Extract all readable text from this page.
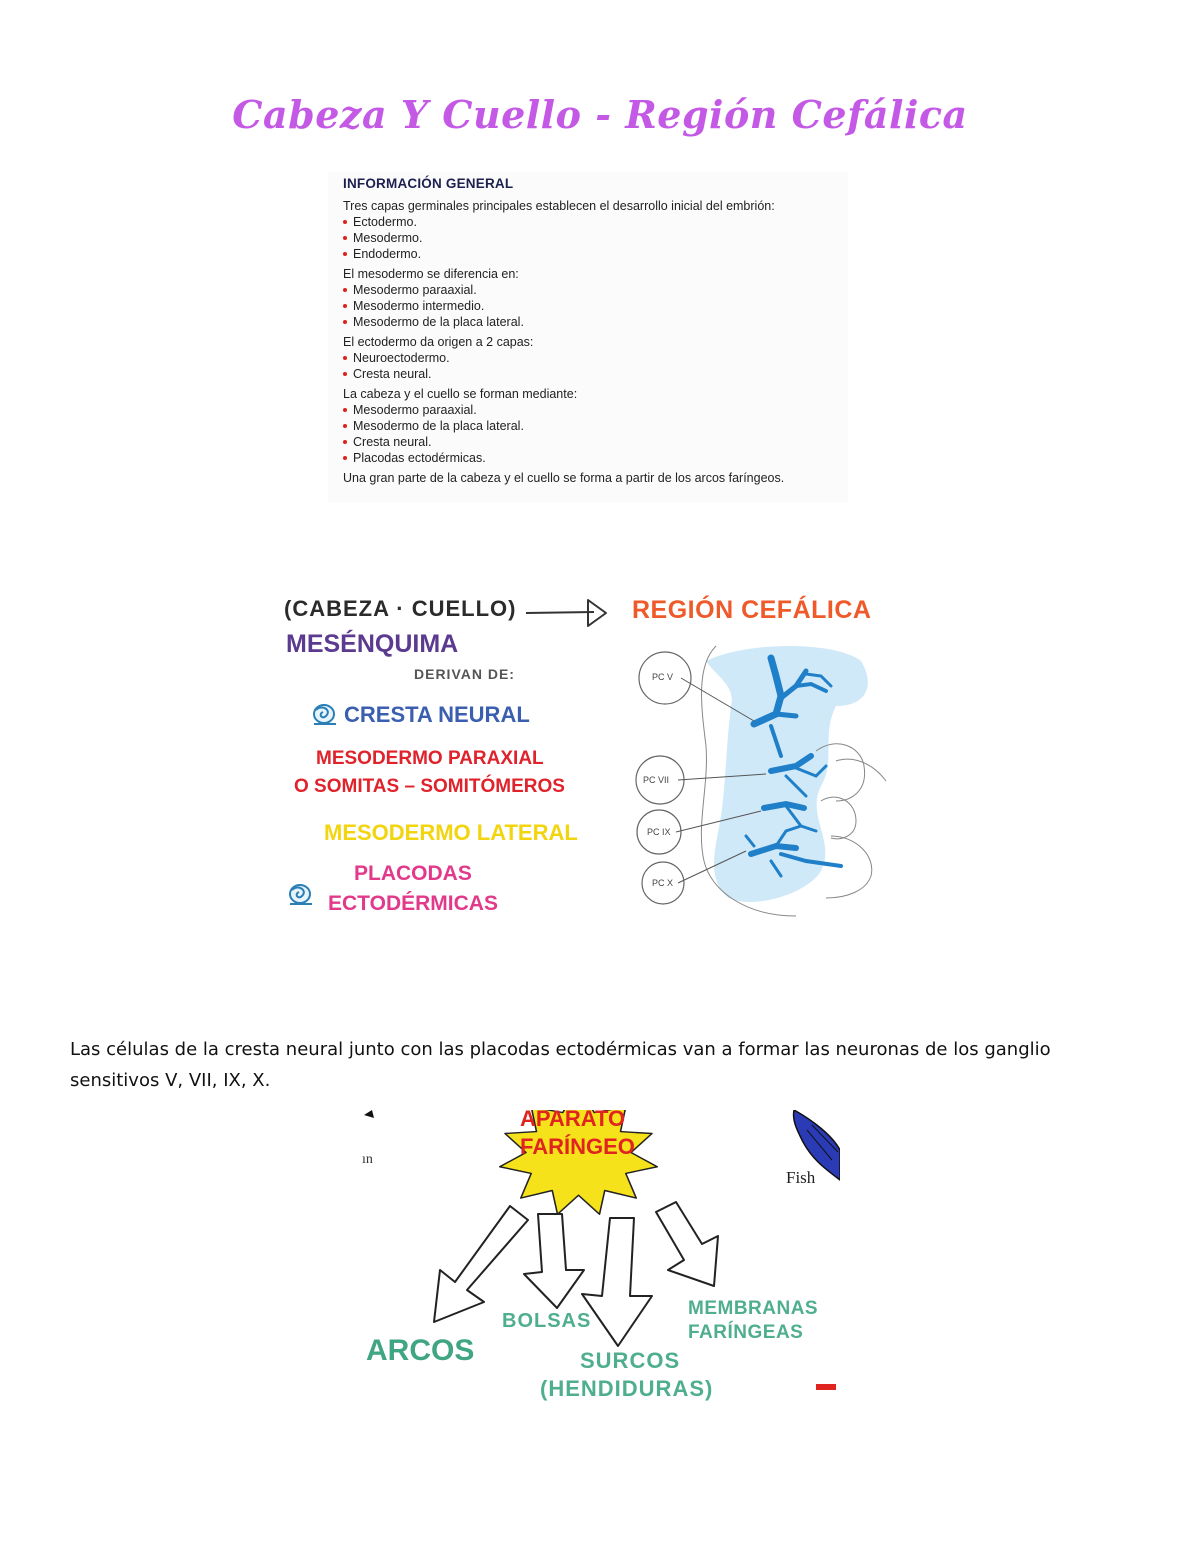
Cabeza Y Cuello - Región Cefálica
INFORMACIÓN GENERAL
Tres capas germinales principales establecen el desarrollo inicial del embrión:
Ectodermo.
Mesodermo.
Endodermo.
El mesodermo se diferencia en:
Mesodermo paraaxial.
Mesodermo intermedio.
Mesodermo de la placa lateral.
El ectodermo da origen a 2 capas:
Neuroectodermo.
Cresta neural.
La cabeza y el cuello se forman mediante:
Mesodermo paraaxial.
Mesodermo de la placa lateral.
Cresta neural.
Placodas ectodérmicas.
Una gran parte de la cabeza y el cuello se forma a partir de los arcos faríngeos.
(CABEZA · CUELLO)	REGIÓN CEFÁLICA
MESÉNQUIMA
DERIVAN DE:
CRESTA NEURAL
MESODERMO PARAXIAL
O SOMITAS – SOMITÓMEROS
MESODERMO LATERAL
PLACODAS
ECTODÉRMICAS
PC V
PC VII
PC IX
PC X
Las células de la cresta neural junto con las placodas ectodérmicas van a formar las neuronas de los ganglio sensitivos V, VII, IX, X.
APARATO
FARÍNGEO
ın
Fish
ARCOS
BOLSAS
SURCOS
(HENDIDURAS)
MEMBRANAS
FARÍNGEAS
